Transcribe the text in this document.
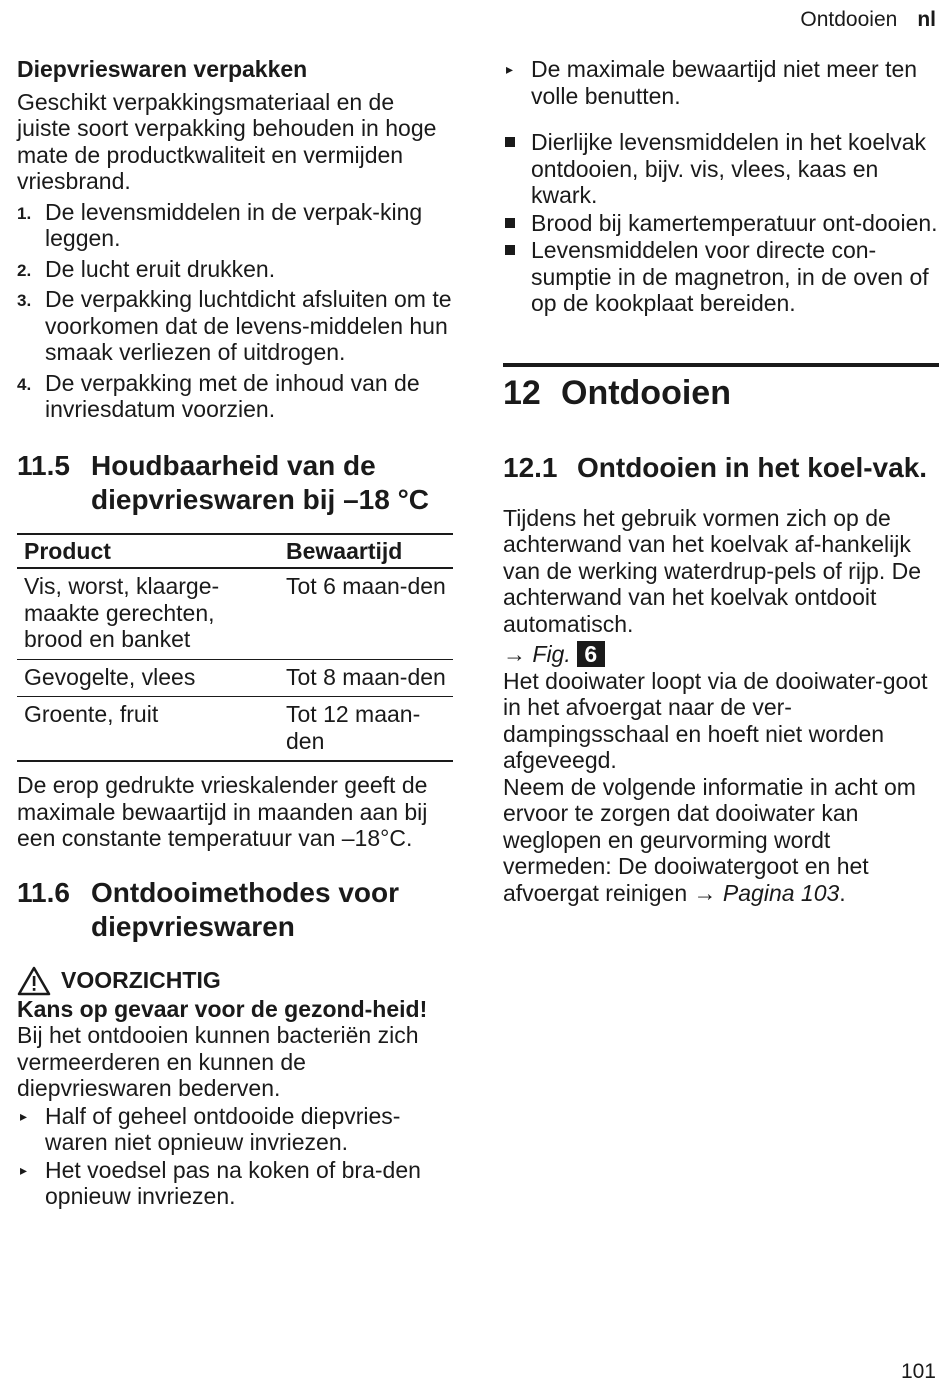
Ontdooien nl
Diepvrieswaren verpakken

Geschikt verpakkingsmateriaal en de juiste soort verpakking behouden in hoge mate de productkwaliteit en vermijden vriesbrand.

1. De levensmiddelen in de verpak-king leggen.
2. De lucht eruit drukken.
3. De verpakking luchtdicht afsluiten om te voorkomen dat de levens-middelen hun smaak verliezen of uitdrogen.
4. De verpakking met de inhoud van de invriesdatum voorzien.
11.5 Houdbaarheid van de diepvrieswaren bij –18 °C
Product	Bewaartijd
Vis, worst, klaarge-maakte gerechten, brood en banket	Tot 6 maan-den
Gevogelte, vlees	Tot 8 maan-den
Groente, fruit	Tot 12 maan-den

De erop gedrukte vrieskalender geeft de maximale bewaartijd in maanden aan bij een constante temperatuur van –18°C.

11.6 Ontdooimethodes voor diepvrieswaren
VOORZICHTIG
Kans op gevaar voor de gezond-heid!

Bij het ontdooien kunnen bacteriën zich vermeerderen en kunnen de diepvrieswaren bederven.

▸ Half of geheel ontdooide diepvries-waren niet opnieuw invriezen.
▸ Het voedsel pas na koken of bra-den opnieuw invriezen.
▸ De maximale bewaartijd niet meer ten volle benutten.
Dierlijke levensmiddelen in het koelvak ontdooien, bijv. vis, vlees, kaas en kwark.
Brood bij kamertemperatuur ont-dooien.
Levensmiddelen voor directe con-sumptie in de magnetron, in de oven of op de kookplaat bereiden.
12 Ontdooien
12.1 Ontdooien in het koel-vak.

Tijdens het gebruik vormen zich op de achterwand van het koelvak af-hankelijk van de werking waterdrup-pels of rijp. De achterwand van het koelvak ontdooit automatisch.

→ Fig. 6

Het dooiwater loopt via de dooiwater-goot in het afvoergat naar de ver-dampingsschaal en hoeft niet worden afgeveegd.

Neem de volgende informatie in acht om ervoor te zorgen dat dooiwater kan weglopen en geurvorming wordt vermeden: De dooiwatergoot en het afvoergat reinigen → Pagina 103.

101
